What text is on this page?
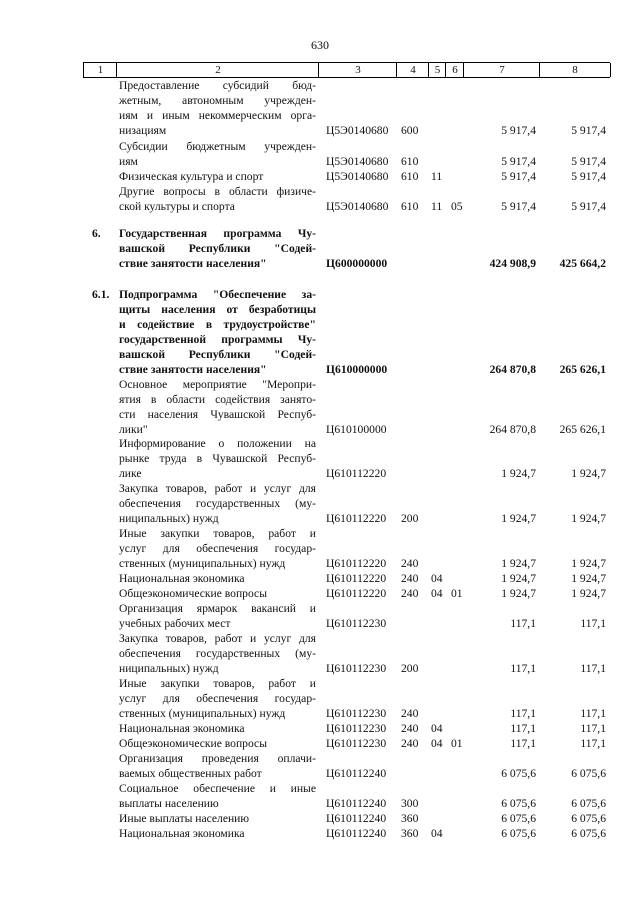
630
1	2	3	4	5	6	7	8
Предоставление субсидий бюд-
жетным, автономным учрежден-
иям и иным некоммерческим орга-
низациям	Ц5Э0140680 600	5 917,4	5 917,4
Субсидии бюджетным учрежден-
иям	Ц5Э0140680 610	5 917,4	5 917,4
Физическая культура и спорт	Ц5Э0140680 610 11	5 917,4	5 917,4
Другие вопросы в области физиче-
ской культуры и спорта	Ц5Э0140680 610 11 05	5 917,4	5 917,4
6. Государственная программа Чу-
вашской Республики "Содей-
ствие занятости населения"	Ц600000000	424 908,9	425 664,2
6.1. Подпрограмма "Обеспечение за-
щиты населения от безработицы
и содействие в трудоустройстве"
государственной программы Чу-
вашской Республики "Содей-
ствие занятости населения"	Ц610000000	264 870,8	265 626,1
Основное мероприятие "Меропри-
ятия в области содействия занято-
сти населения Чувашской Респуб-
лики"	Ц610100000	264 870,8	265 626,1
Информирование о положении на
рынке труда в Чувашской Респуб-
лике	Ц610112220	1 924,7	1 924,7
Закупка товаров, работ и услуг для
обеспечения государственных (му-
ниципальных) нужд	Ц610112220 200	1 924,7	1 924,7
Иные закупки товаров, работ и
услуг для обеспечения государ-
ственных (муниципальных) нужд	Ц610112220 240	1 924,7	1 924,7
Национальная экономика	Ц610112220 240 04	1 924,7	1 924,7
Общеэкономические вопросы	Ц610112220 240 04 01	1 924,7	1 924,7
Организация ярмарок вакансий и
учебных рабочих мест	Ц610112230	117,1	117,1
Закупка товаров, работ и услуг для
обеспечения государственных (му-
ниципальных) нужд	Ц610112230 200	117,1	117,1
Иные закупки товаров, работ и
услуг для обеспечения государ-
ственных (муниципальных) нужд	Ц610112230 240	117,1	117,1
Национальная экономика	Ц610112230 240 04	117,1	117,1
Общеэкономические вопросы	Ц610112230 240 04 01	117,1	117,1
Организация проведения оплачи-
ваемых общественных работ	Ц610112240	6 075,6	6 075,6
Социальное обеспечение и иные
выплаты населению	Ц610112240 300	6 075,6	6 075,6
Иные выплаты населению	Ц610112240 360	6 075,6	6 075,6
Национальная экономика	Ц610112240 360 04	6 075,6	6 075,6
